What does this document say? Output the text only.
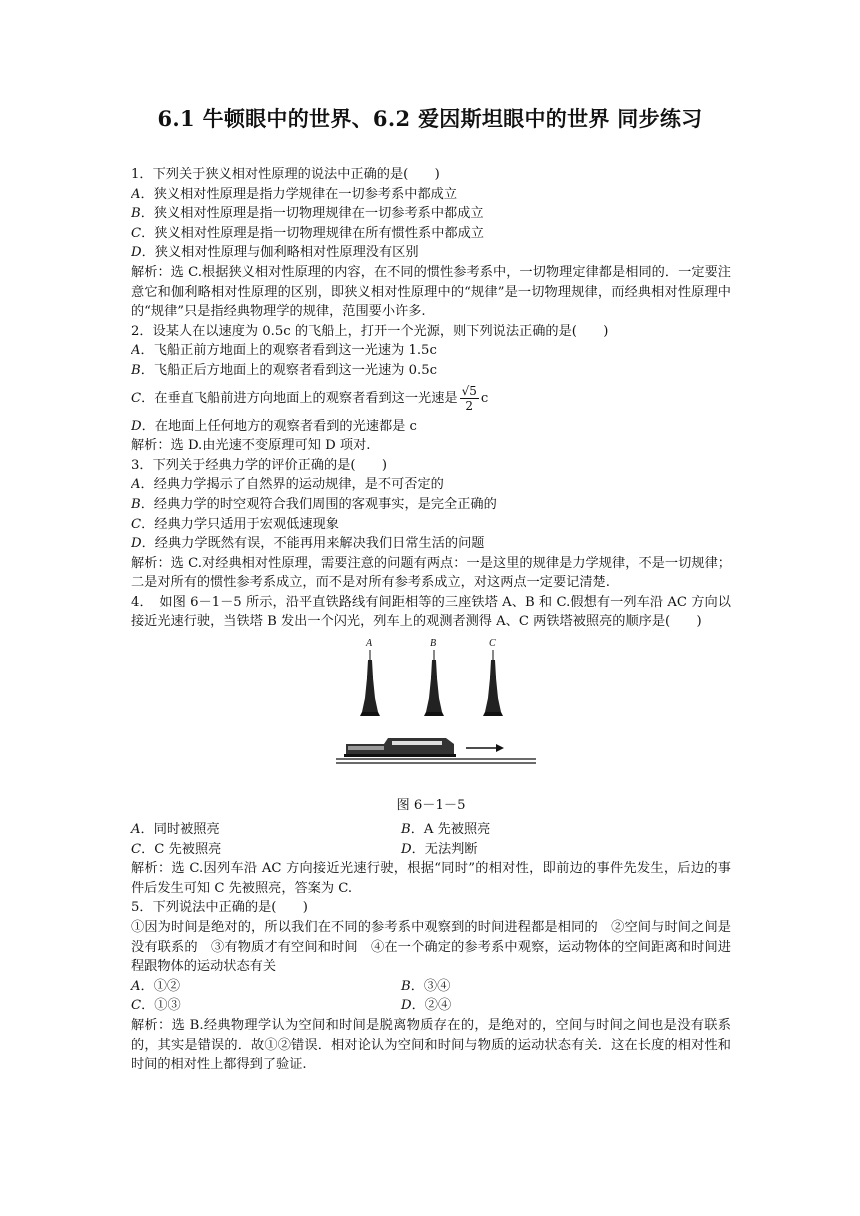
6.1 牛顿眼中的世界、6.2 爱因斯坦眼中的世界 同步练习
1．下列关于狭义相对性原理的说法中正确的是(　　)
A．狭义相对性原理是指力学规律在一切参考系中都成立
B．狭义相对性原理是指一切物理规律在一切参考系中都成立
C．狭义相对性原理是指一切物理规律在所有惯性系中都成立
D．狭义相对性原理与伽利略相对性原理没有区别
解析：选 C.根据狭义相对性原理的内容，在不同的惯性参考系中，一切物理定律都是相同的．一定要注意它和伽利略相对性原理的区别，即狭义相对性原理中的“规律”是一切物理规律，而经典相对性原理中的“规律”只是指经典物理学的规律，范围要小许多.
2．设某人在以速度为 0.5c 的飞船上，打开一个光源，则下列说法正确的是(　　)
A．飞船正前方地面上的观察者看到这一光速为 1.5c
B．飞船正后方地面上的观察者看到这一光速为 0.5c
C．在垂直飞船前进方向地面上的观察者看到这一光速是 $\frac{√5}{2}$ c
D．在地面上任何地方的观察者看到的光速都是 c
解析：选 D.由光速不变原理可知 D 项对.
3．下列关于经典力学的评价正确的是(　　)
A．经典力学揭示了自然界的运动规律，是不可否定的
B．经典力学的时空观符合我们周围的客观事实，是完全正确的
C．经典力学只适用于宏观低速现象
D．经典力学既然有误，不能再用来解决我们日常生活的问题
解析：选 C.对经典相对性原理，需要注意的问题有两点：一是这里的规律是力学规律，不是一切规律；二是对所有的惯性参考系成立，而不是对所有参考系成立，对这两点一定要记清楚.
4．　如图 6－1－5 所示，沿平直铁路线有间距相等的三座铁塔 A、B 和 C.假想有一列车沿 AC 方向以接近光速行驶，当铁塔 B 发出一个闪光，列车上的观测者测得 A、C 两铁塔被照亮的顺序是(　　)
A	B	C
图 6－1－5
A．同时被照亮	B．A 先被照亮
C．C 先被照亮	D．无法判断
解析：选 C.因列车沿 AC 方向接近光速行驶，根据“同时”的相对性，即前边的事件先发生，后边的事件后发生可知 C 先被照亮，答案为 C.
5．下列说法中正确的是(　　)
①因为时间是绝对的，所以我们在不同的参考系中观察到的时间进程都是相同的　②空间与时间之间是没有联系的　③有物质才有空间和时间　④在一个确定的参考系中观察，运动物体的空间距离和时间进程跟物体的运动状态有关
A．①②	B．③④
C．①③	D．②④
解析：选 B.经典物理学认为空间和时间是脱离物质存在的，是绝对的，空间与时间之间也是没有联系的，其实是错误的．故①②错误．相对论认为空间和时间与物质的运动状态有关．这在长度的相对性和时间的相对性上都得到了验证.
